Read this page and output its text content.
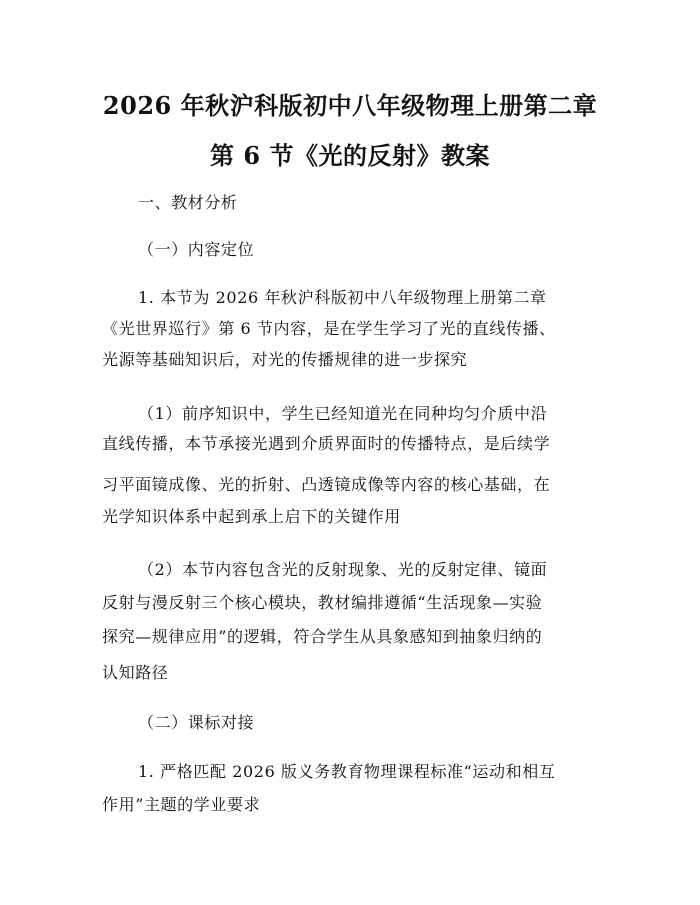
2026 年秋沪科版初中八年级物理上册第二章
第 6 节《光的反射》教案
一、教材分析
（一）内容定位
1. 本节为 2026 年秋沪科版初中八年级物理上册第二章
《光世界巡行》第 6 节内容，是在学生学习了光的直线传播、
光源等基础知识后，对光的传播规律的进一步探究
（1）前序知识中，学生已经知道光在同种均匀介质中沿
直线传播，本节承接光遇到介质界面时的传播特点，是后续学
习平面镜成像、光的折射、凸透镜成像等内容的核心基础，在
光学知识体系中起到承上启下的关键作用
（2）本节内容包含光的反射现象、光的反射定律、镜面
反射与漫反射三个核心模块，教材编排遵循“生活现象—实验
探究—规律应用”的逻辑，符合学生从具象感知到抽象归纳的
认知路径
（二）课标对接
1. 严格匹配 2026 版义务教育物理课程标准“运动和相互
作用”主题的学业要求
